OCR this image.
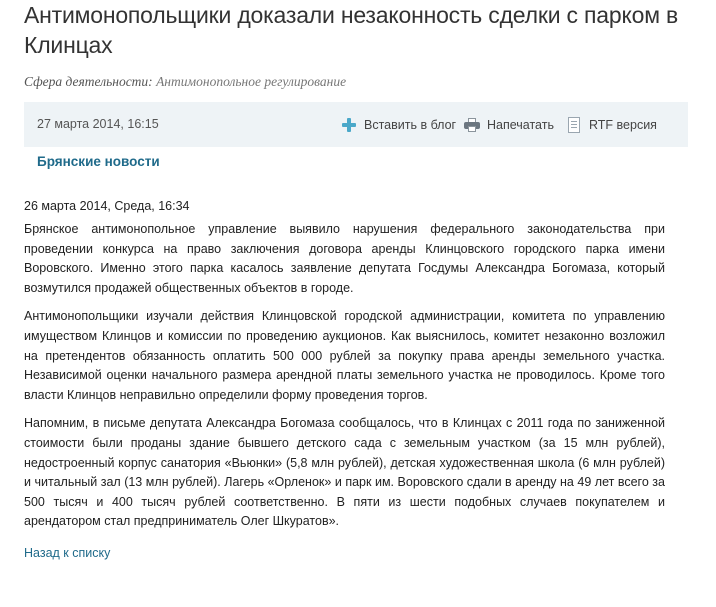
Антимонопольщики доказали незаконность сделки с парком в Клинцах
Сфера деятельности: Антимонопольное регулирование
27 марта 2014, 16:15	Вставить в блог Напечатать	RTF версия
Брянские новости
26 марта 2014, Среда, 16:34

Брянское антимонопольное управление выявило нарушения федерального законодательства при проведении конкурса на право заключения договора аренды Клинцовского городского парка имени Воровского. Именно этого парка касалось заявление депутата Госдумы Александра Богомаза, который возмутился продажей общественных объектов в городе.

Антимонопольщики изучали действия Клинцовской городской администрации, комитета по управлению имуществом Клинцов и комиссии по проведению аукционов. Как выяснилось, комитет незаконно возложил на претендентов обязанность оплатить 500 000 рублей за покупку права аренды земельного участка. Независимой оценки начального размера арендной платы земельного участка не проводилось. Кроме того власти Клинцов неправильно определили форму проведения торгов.

Напомним, в письме депутата Александра Богомаза сообщалось, что в Клинцах с 2011 года по заниженной стоимости были проданы здание бывшего детского сада с земельным участком (за 15 млн рублей), недостроенный корпус санатория «Вьюнки» (5,8 млн рублей), детская художественная школа (6 млн рублей) и читальный зал (13 млн рублей). Лагерь «Орленок» и парк им. Воровского сдали в аренду на 49 лет всего за 500 тысяч и 400 тысяч рублей соответственно. В пяти из шести подобных случаев покупателем и арендатором стал предприниматель Олег Шкуратов».

Назад к списку
